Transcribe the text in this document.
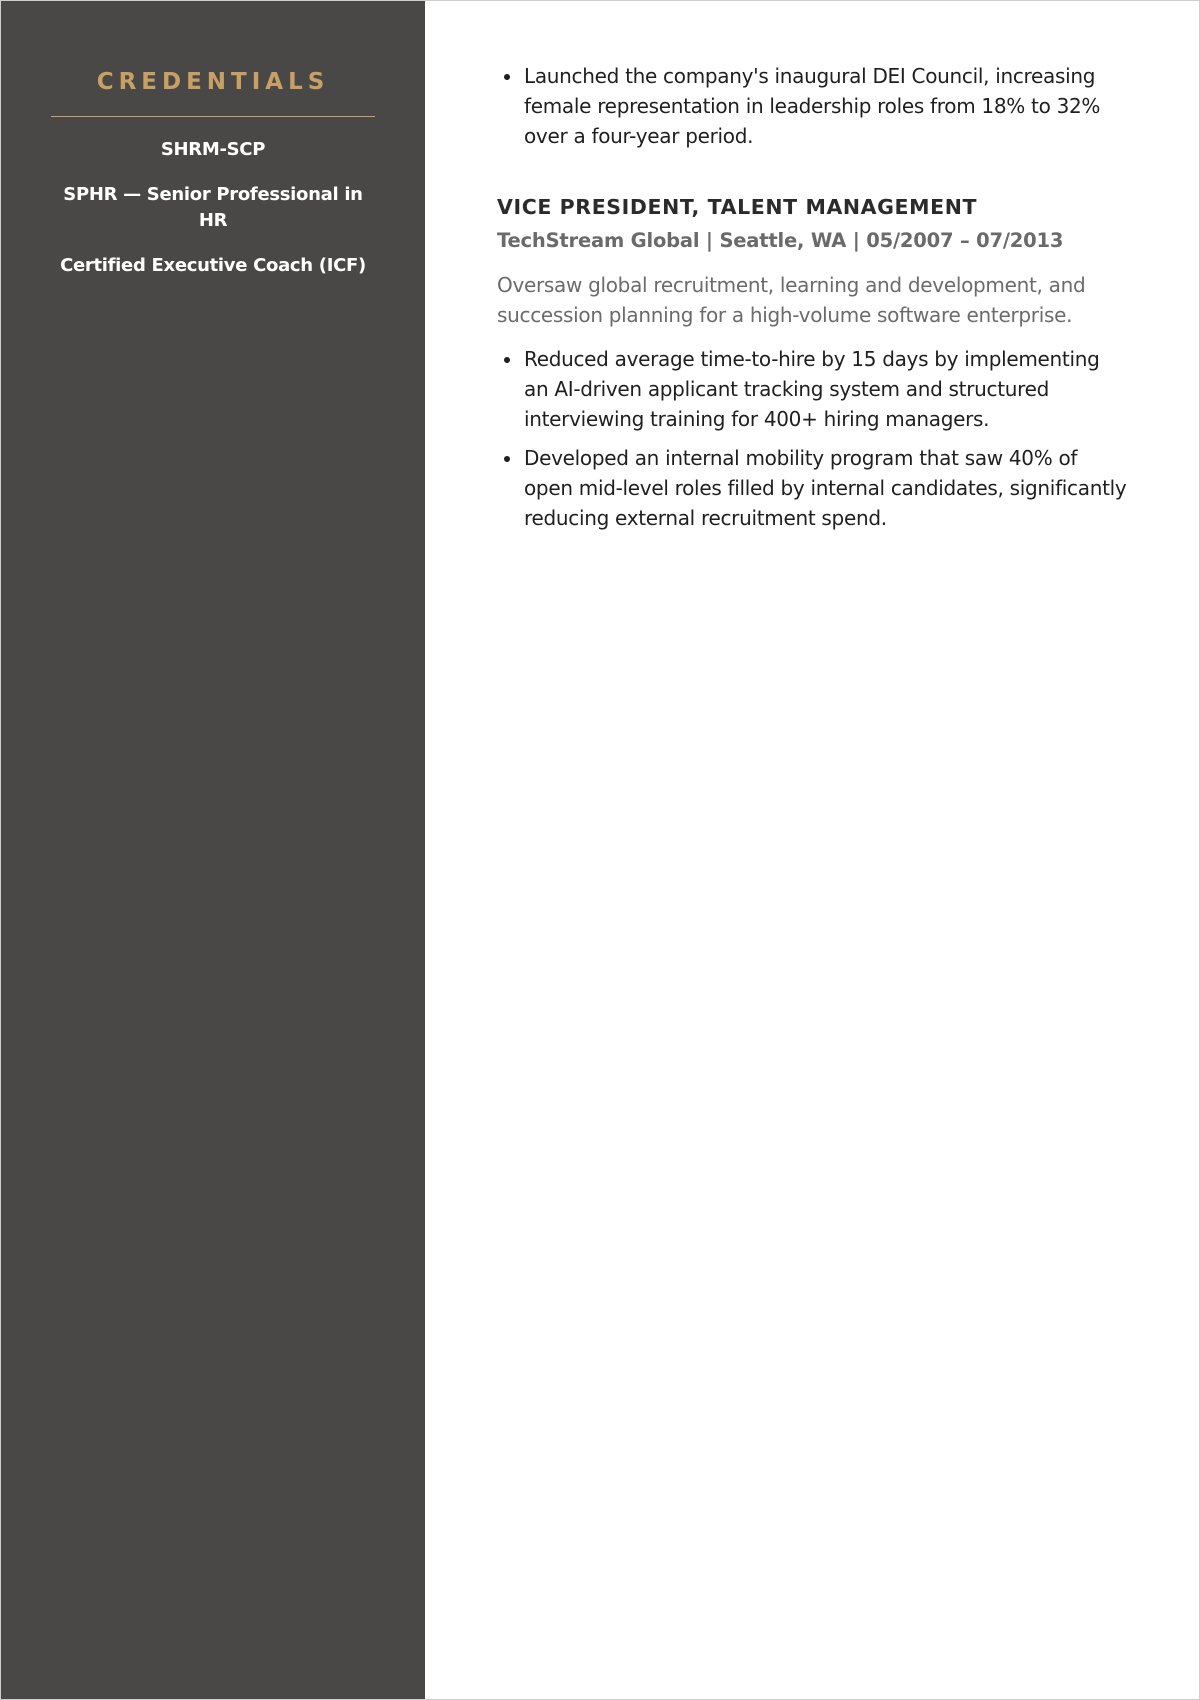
CREDENTIALS

SHRM-SCP

SPHR — Senior Professional in HR

Certified Executive Coach (ICF)

Launched the company's inaugural DEI Council, increasing female representation in leadership roles from 18% to 32% over a four-year period.
VICE PRESIDENT, TALENT MANAGEMENT

TechStream Global | Seattle, WA | 05/2007 – 07/2013

Oversaw global recruitment, learning and development, and succession planning for a high-volume software enterprise.

Reduced average time-to-hire by 15 days by implementing an AI-driven applicant tracking system and structured interviewing training for 400+ hiring managers.
Developed an internal mobility program that saw 40% of open mid-level roles filled by internal candidates, significantly reducing external recruitment spend.
